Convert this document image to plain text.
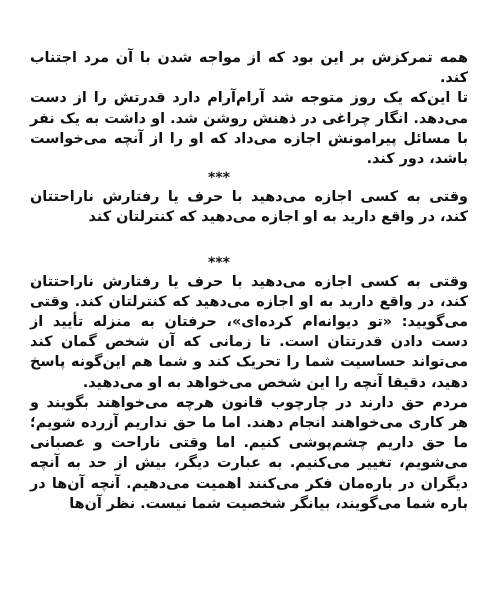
همه تمرکزش بر این بود که از مواجه شدن با آن مرد اجتناب کند.

تا این‌که یک روز متوجه شد آرام‌آرام دارد قدرتش را از دست می‌دهد. انگار چراغی در ذهنش روشن شد. او داشت به یک نفر با مسائل پیرامونش اجازه می‌داد که او را از آنچه می‌خواست باشد، دور کند.

***

وقتی به کسی اجازه می‌دهید با حرف یا رفتارش ناراحتتان کند، در واقع دارید به او اجازه می‌دهید که کنترلتان کند

***

وقتی به کسی اجازه می‌دهید با حرف یا رفتارش ناراحتتان کند، در واقع دارید به او اجازه می‌دهید که کنترلتان کند. وقتی می‌گویید: «تو دیوانه‌ام کرده‌ای»، حرفتان به منزله تأیید از دست دادن قدرتتان است. تا زمانی که آن شخص گمان کند می‌تواند حساسیت شما را تحریک کند و شما هم این‌گونه پاسخ دهید، دقیقا آنچه را این شخص می‌خواهد به او می‌دهید.

مردم حق دارند در چارچوب قانون هرچه می‌خواهند بگویند و هر کاری می‌خواهند انجام دهند. اما ما حق نداریم آزرده شویم؛ ما حق داریم چشم‌پوشی کنیم. اما وقتی ناراحت و عصبانی می‌شویم، تغییر می‌کنیم. به عبارت دیگر، بیش از حد به آنچه دیگران در باره‌مان فکر می‌کنند اهمیت می‌دهیم. آنچه آن‌ها در باره شما می‌گویند، بیانگر شخصیت شما نیست. نظر آن‌ها
